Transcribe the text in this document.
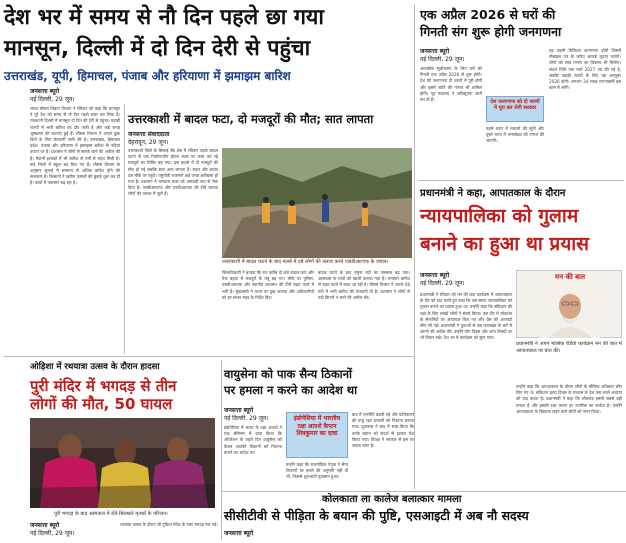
देश भर में समय से नौ दिन पहले छा गया
मानसून, दिल्ली में दो दिन देरी से पहुंचा
उत्तराखंड, यूपी, हिमाचल, पंजाब और हरियाणा में झमाझम बारिश
जनसत्ता ब्यूरो
नई दिल्ली, 29 जून।
भारत मौसम विज्ञान विभाग ने रविवार को कहा कि मानसून ने पूरे देश को समय से नौ दिन पहले कवर कर लिया है। राजधानी दिल्ली में मानसून दो दिन की देरी से पहुंचा। पहाड़ी राज्यों में भारी बारिश का दौर जारी है और कई जगह भूस्खलन की घटनाएं हुई हैं। मौसम विभाग ने अगले कुछ दिनों के लिए चेतावनी जारी की है। उत्तराखंड, हिमाचल प्रदेश, पंजाब और हरियाणा में झमाझम बारिश से नदियां उफान पर हैं। प्रशासन ने लोगों से सतर्क रहने की अपील की है। मैदानी इलाकों में भी बारिश से गर्मी से राहत मिली है। कई जिलों में स्कूल बंद किए गए हैं। मौसम विभाग के अनुसार जुलाई में सामान्य से अधिक बारिश होने की संभावना है। किसानों ने खरीफ फसलों की बुवाई शुरू कर दी है। बांधों में जलस्तर बढ़ रहा है।
उत्तरकाशी में बादल फटा, दो मजदूरों की मौत; सात लापता
जनसत्ता संवाददाता
देहरादून, 29 जून।
उत्तरकाशी जिले के सिलाई बैंड क्षेत्र में रविवार तड़के बादल फटने से एक निर्माणाधीन होटल स्थल पर काम कर रहे मजदूरों का शिविर बह गया। इस हादसे में दो मजदूरों की मौत हो गई जबकि सात अन्य लापता हैं। राहत और बचाव दल मौके पर पहुंचे। यमुनोत्री राजमार्ग कई जगह क्षतिग्रस्त हो गया है। प्रशासन ने चारधाम यात्रा को अस्थायी रूप से रोक दिया है। एसडीआरएफ और एनडीआरएफ की टीमें लापता लोगों की तलाश में जुटी हैं।
उत्तरकाशी में बादल फटने के बाद मलबे में दबे लोगों की तलाश करते एसडीआरएफ के जवान।
जिलाधिकारी ने बताया कि रात करीब दो बजे बादल फटा और तेज बहाव में मजदूरों के तंबू बह गए। मौके पर पुलिस, एसडीआरएफ और स्थानीय प्रशासन की टीमें राहत कार्य में लगी हैं। मुख्यमंत्री ने घटना पर दुख जताया और अधिकारियों को हर संभव मदद के निर्देश दिए।
बादल फटने के बाद यमुना नदी का जलस्तर बढ़ गया। आसपास के गांवों को खाली कराया गया है। लगातार बारिश से राहत कार्य में बाधा आ रही है। मौसम विभाग ने अगले 48 घंटों में भारी बारिश की चेतावनी दी है। प्रशासन ने लोगों से नदी किनारे न जाने की अपील की।
ओड़िशा में रथयात्रा उत्सव के दौरान हादसा
पुरी मंदिर में भगदड़ से तीन
लोगों की मौत, 50 घायल
पुरी भगदड़ के बाद अस्पताल में रोते-बिलखते मृतकों के परिजन।
जनसत्ता ब्यूरो
नई दिल्ली, 29 जून।
रथयात्रा उत्सव के दौरान श्री गुंडिचा मंदिर के पास भगदड़ मच गई।
वायुसेना को पाक सैन्य ठिकानों
पर हमला न करने का आदेश था
जनसत्ता ब्यूरो
नई दिल्ली, 29 जून।
इंडोनेशिया में भारत के रक्षा अताशे ने एक सेमिनार में दावा किया कि ऑपरेशन के पहले दिन वायुसेना को केवल आतंकी ठिकानों को निशाना बनाने का आदेश था।
इंडोनेशिया में भारतीय रक्षा अताशे कैप्टन शिवकुमार का दावा
उन्होंने कहा कि राजनीतिक नेतृत्व ने सैन्य ठिकानों पर हमले की अनुमति नहीं दी थी, जिससे शुरुआती नुकसान हुआ।
बाद में रणनीति बदली गई और पाकिस्तान की वायु रक्षा प्रणाली को निशाना बनाया गया। दूतावास ने बाद में स्पष्ट किया कि उनके बयान को संदर्भ से हटकर पेश किया गया। विपक्ष ने सरकार से इस पर जवाब मांगा है।
एक अप्रैल 2026 से घरों की
गिनती संग शुरू होगी जनगणना
जनसत्ता ब्यूरो
नई दिल्ली, 29 जून।
आवासीय सूचीकरण के लिए घरों की गिनती एक अप्रैल 2026 से शुरू होगी। देश की जनगणना दो चरणों में पूरी होगी और इसमें जाति की गणना भी शामिल होगी। गृह मंत्रालय ने अधिसूचना जारी कर दी है।	देश जनगणना को दो चरणों में पूरा कर लेगी सरकार
पहले चरण में मकानों की सूची और दूसरे चरण में जनसंख्या की गणना की जाएगी।
यह पहली डिजिटल जनगणना होगी जिसमें मोबाइल एप के जरिए आंकड़े जुटाए जाएंगे। लोगों को स्वयं गणना का विकल्प भी मिलेगा। संदर्भ तिथि एक मार्च 2027 तय की गई है, जबकि पहाड़ी राज्यों के लिए यह अक्तूबर 2026 होगी। लगभग 34 लाख गणनाकर्मी इस काम में लगेंगे।
प्रधानमंत्री ने कहा, आपातकाल के दौरान
न्यायपालिका को गुलाम
बनाने का हुआ था प्रयास
जनसत्ता ब्यूरो
नई दिल्ली, 29 जून।
प्रधानमंत्री ने रविवार को मन की बात कार्यक्रम में आपातकाल के दौर को याद करते हुए कहा कि उस समय न्यायपालिका को गुलाम बनाने का प्रयास हुआ था। उन्होंने कहा कि संविधान की रक्षा के लिए लाखों लोगों ने संघर्ष किया। उस दौर में लोकतंत्र के सेनानियों पर अत्याचार किए गए और प्रेस की आजादी छीन ली गई। प्रधानमंत्री ने युवाओं से उस कालखंड के बारे में जानने की अपील की। उन्होंने योग दिवस और अन्य विषयों पर भी विचार रखे। देश भर में कार्यक्रम को सुना गया।
मन की बात
प्रधानमंत्री ने अपने मासिक रेडियो कार्यक्रम मन की बात में आपातकाल पर बात की।
उन्होंने कहा कि आपातकाल के दौरान लोगों के मौलिक अधिकार छीन लिए गए थे। संविधान हत्या दिवस के माध्यम से देश उस काले अध्याय को याद करता है। प्रधानमंत्री ने कहा कि लोकतंत्र हमारी सबसे बड़ी ताकत है और इसकी रक्षा करना हर नागरिक का कर्तव्य है। उन्होंने आपातकाल के खिलाफ लड़ने वाले लोगों को नमन किया।
कोलकाता ला कालेज बलात्कार मामला
सीसीटीवी से पीड़िता के बयान की पुष्टि, एसआइटी में अब नौ सदस्य
जनसत्ता ब्यूरो
